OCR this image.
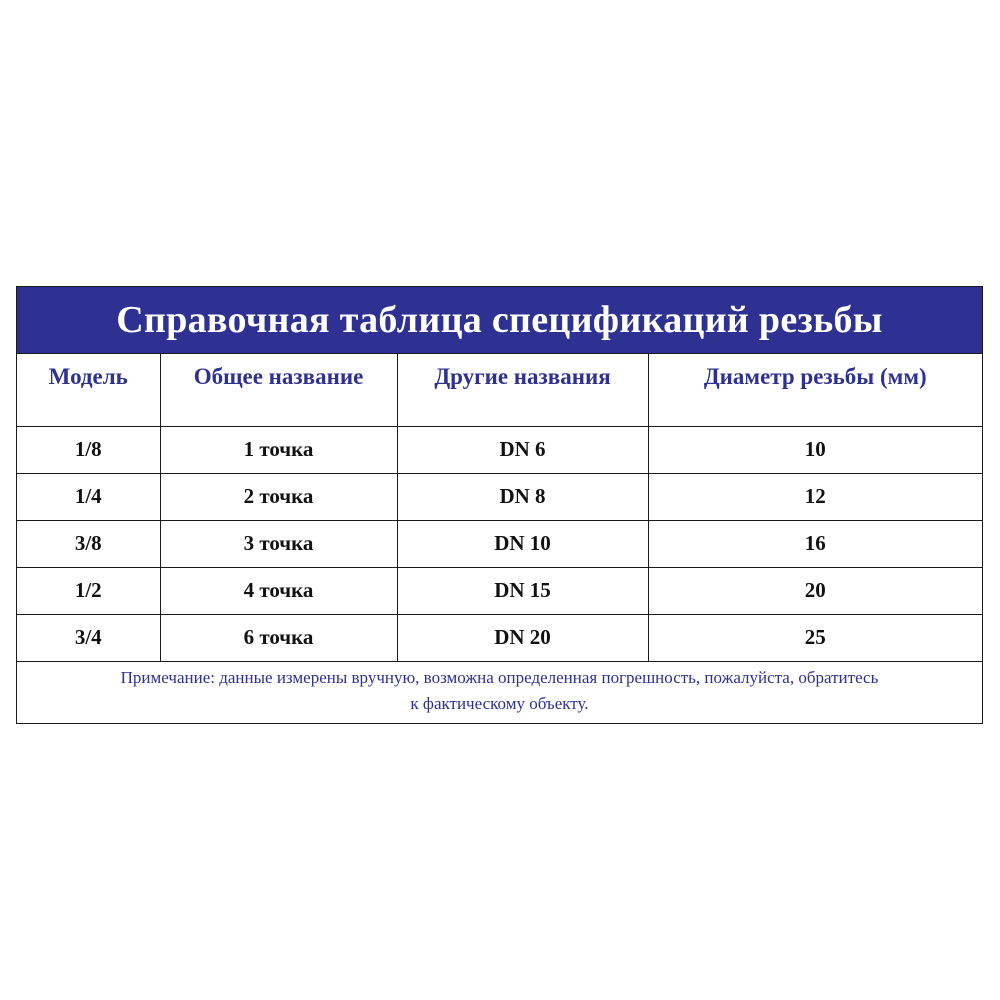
Справочная таблица спецификаций резьбы
Модель	Общее название	Другие названия	Диаметр резьбы (мм)
1/8	1 точка	DN 6	10
1/4	2 точка	DN 8	12
3/8	3 точка	DN 10	16
1/2	4 точка	DN 15	20
3/4	6 точка	DN 20	25
Примечание: данные измерены вручную, возможна определенная погрешность, пожалуйста, обратитесь
к фактическому объекту.
